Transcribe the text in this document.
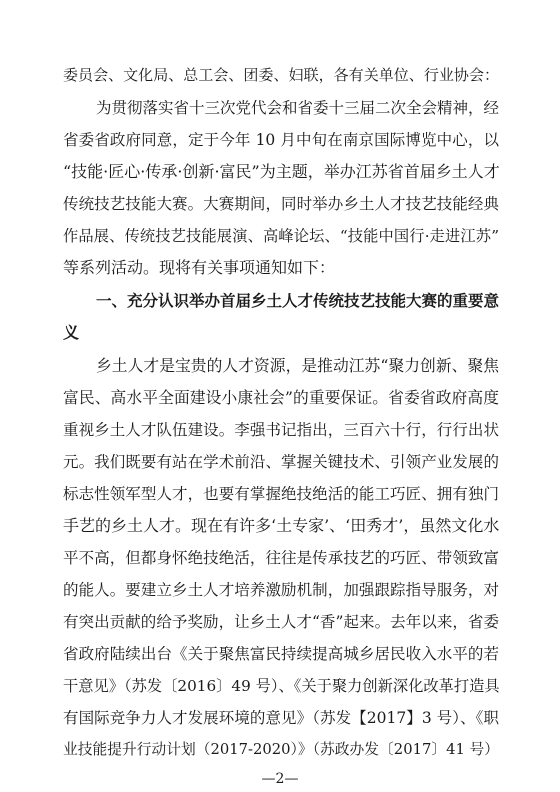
委员会、文化局、总工会、团委、妇联，各有关单位、行业协会：
为贯彻落实省十三次党代会和省委十三届二次全会精神，经
省委省政府同意，定于今年 10 月中旬在南京国际博览中心，以
“技能·匠心·传承·创新·富民”为主题，举办江苏省首届乡土人才
传统技艺技能大赛。大赛期间，同时举办乡土人才技艺技能经典
作品展、传统技艺技能展演、高峰论坛、“技能中国行·走进江苏”
等系列活动。现将有关事项通知如下：
一、充分认识举办首届乡土人才传统技艺技能大赛的重要意
义
乡土人才是宝贵的人才资源，是推动江苏“聚力创新、聚焦
富民、高水平全面建设小康社会”的重要保证。省委省政府高度
重视乡土人才队伍建设。李强书记指出，三百六十行，行行出状
元。我们既要有站在学术前沿、掌握关键技术、引领产业发展的
标志性领军型人才，也要有掌握绝技绝活的能工巧匠、拥有独门
手艺的乡土人才。现在有许多‘土专家’、‘田秀才’，虽然文化水
平不高，但都身怀绝技绝活，往往是传承技艺的巧匠、带领致富
的能人。要建立乡土人才培养激励机制，加强跟踪指导服务，对
有突出贡献的给予奖励，让乡土人才“香”起来。去年以来，省委
省政府陆续出台《关于聚焦富民持续提高城乡居民收入水平的若
干意见》（苏发〔2016〕49 号）、《关于聚力创新深化改革打造具
有国际竞争力人才发展环境的意见》（苏发【2017】3 号）、《职
业技能提升行动计划（2017-2020）》（苏政办发〔2017〕41 号）
—2—
